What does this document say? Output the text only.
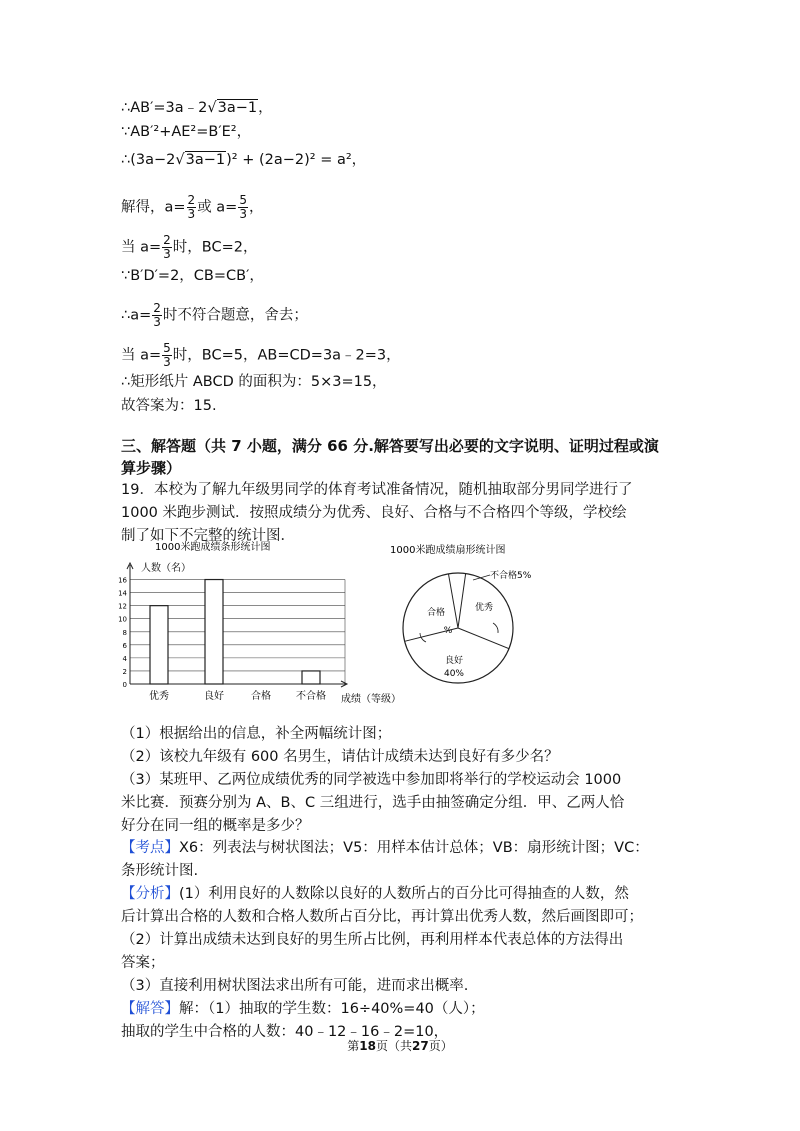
∴AB′=3a﹣2√3a−1，
∵AB′²+AE²=B′E²，
∴(3a−2√3a−1)² + (2a−2)² = a²，
解得，$a= \frac{2}{3}$ 或 $a= \frac{5}{3}$ ，
当 $a= \frac{2}{3}$ 时，BC=2，
∵B′D′=2，CB=CB′，
∴a= $\frac{2}{3}$ 时不符合题意，舍去；
当 $a= \frac{5}{3}$ 时，BC=5，AB=CD=3a﹣2=3，
∴矩形纸片 ABCD 的面积为：5×3=15，
故答案为：15.
三、解答题（共 7 小题，满分 66 分.解答要写出必要的文字说明、证明过程或演
算步骤）
19．本校为了解九年级男同学的体育考试准备情况，随机抽取部分男同学进行了
1000 米跑步测试．按照成绩分为优秀、良好、合格与不合格四个等级，学校绘
制了如下不完整的统计图．
1000米跑成绩条形统计图
人数（名）
成绩（等级）
0
2
4
6
8
10
12
14
16
优秀	良好	合格	不合格
1000米跑成绩扇形统计图
不合格5%
优秀
良好
40%
合格
%
（1）根据给出的信息，补全两幅统计图；
（2）该校九年级有 600 名男生，请估计成绩未达到良好有多少名？
（3）某班甲、乙两位成绩优秀的同学被选中参加即将举行的学校运动会 1000
米比赛．预赛分别为 A、B、C 三组进行，选手由抽签确定分组．甲、乙两人恰
好分在同一组的概率是多少？
【考点】X6：列表法与树状图法；V5：用样本估计总体；VB：扇形统计图；VC：
条形统计图.
【分析】(1）利用良好的人数除以良好的人数所占的百分比可得抽查的人数，然
后计算出合格的人数和合格人数所占百分比，再计算出优秀人数，然后画图即可；
（2）计算出成绩未达到良好的男生所占比例，再利用样本代表总体的方法得出
答案；
（3）直接利用树状图法求出所有可能，进而求出概率.
【解答】解：（1）抽取的学生数：16÷40%=40（人）；
抽取的学生中合格的人数：40﹣12﹣16﹣2=10，
第18页（共27页）
